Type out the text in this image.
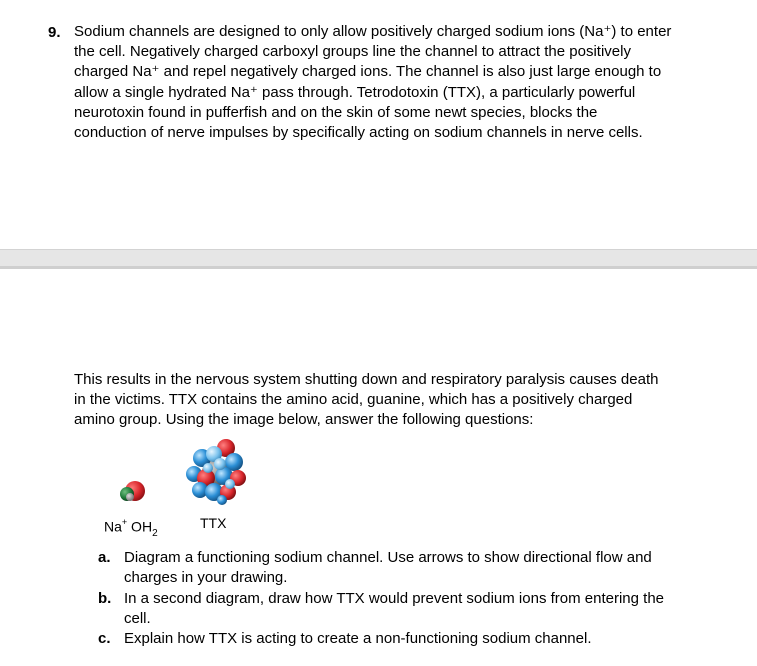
9. Sodium channels are designed to only allow positively charged sodium ions (Na⁺) to enter the cell. Negatively charged carboxyl groups line the channel to attract the positively charged Na⁺ and repel negatively charged ions. The channel is also just large enough to allow a single hydrated Na⁺ pass through. Tetrodotoxin (TTX), a particularly powerful neurotoxin found in pufferfish and on the skin of some newt species, blocks the conduction of nerve impulses by specifically acting on sodium channels in nerve cells.
This results in the nervous system shutting down and respiratory paralysis causes death in the victims. TTX contains the amino acid, guanine, which has a positively charged amino group. Using the image below, answer the following questions:
Na+ $OH_2$
TTX
a. Diagram a functioning sodium channel. Use arrows to show directional flow and charges in your drawing.
b. In a second diagram, draw how TTX would prevent sodium ions from entering the cell.
c. Explain how TTX is acting to create a non-functioning sodium channel.
